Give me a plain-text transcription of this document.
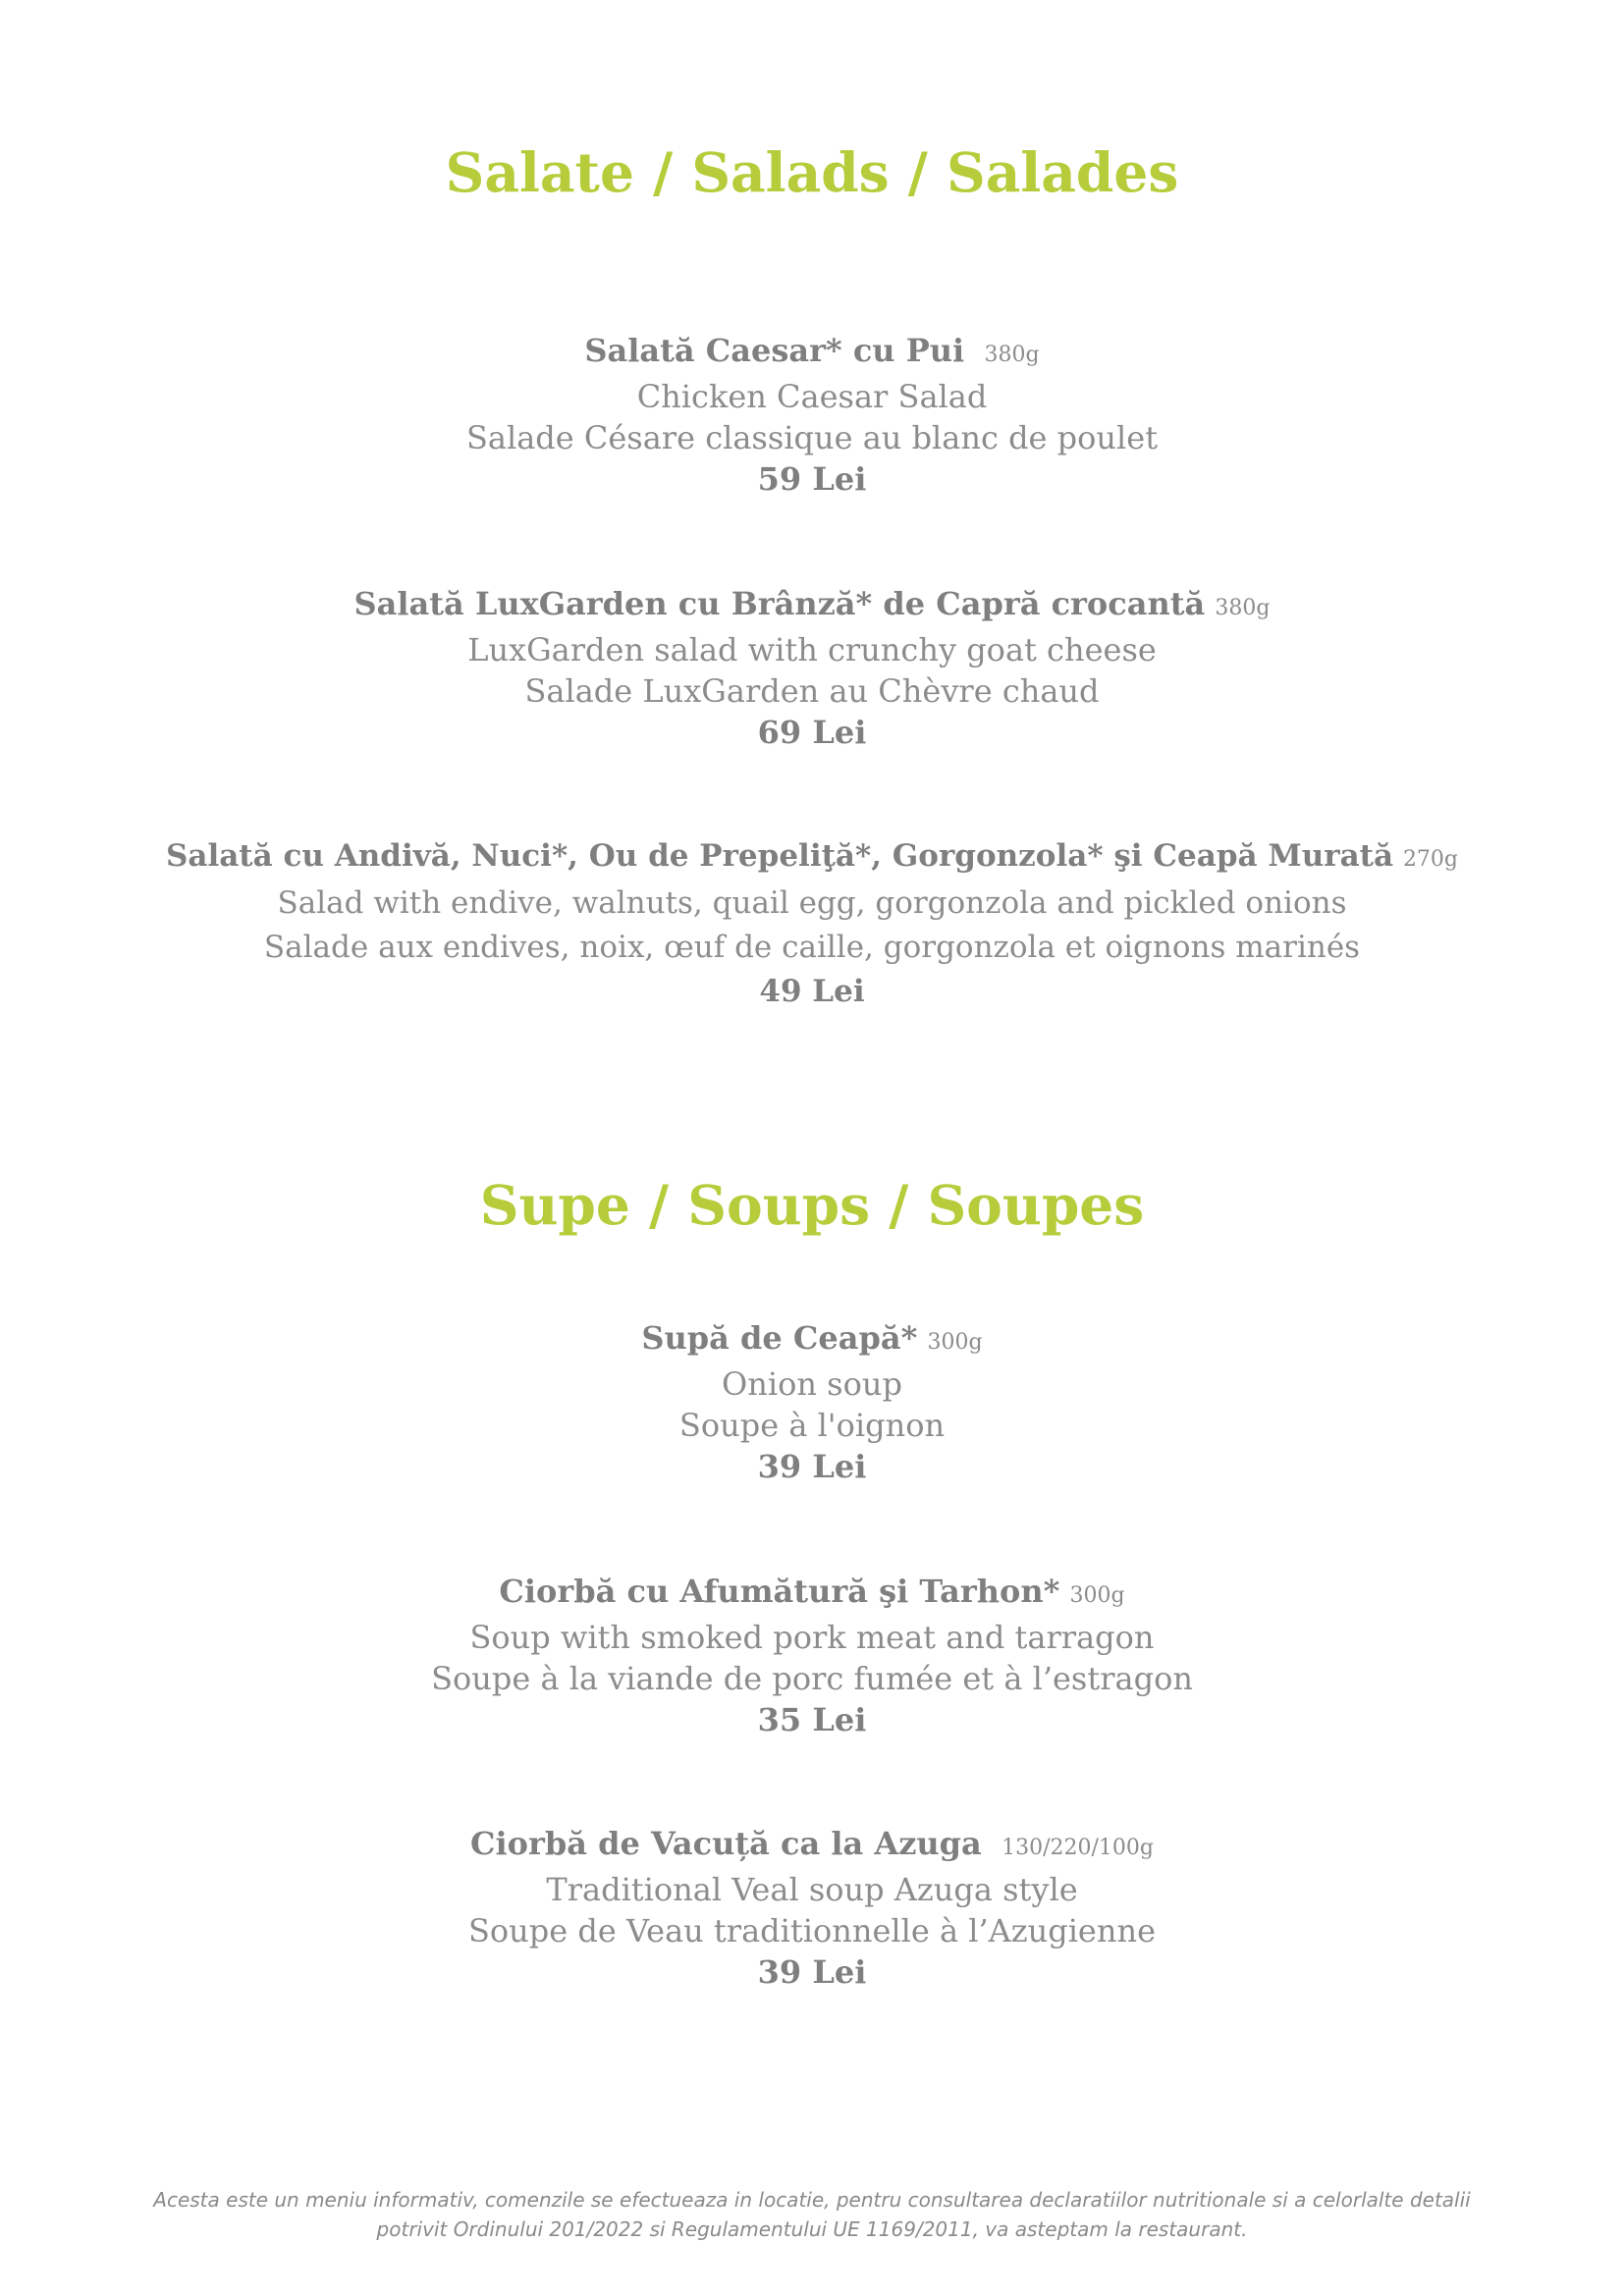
Salate / Salads / Salades
Salată Caesar* cu Pui 380g
Chicken Caesar Salad
Salade Césare classique au blanc de poulet
59 Lei
Salată LuxGarden cu Brânză* de Capră crocantă 380g
LuxGarden salad with crunchy goat cheese
Salade LuxGarden au Chèvre chaud
69 Lei
Salată cu Andivă, Nuci*, Ou de Prepeliţă*, Gorgonzola* şi Ceapă Murată 270g
Salad with endive, walnuts, quail egg, gorgonzola and pickled onions
Salade aux endives, noix, œuf de caille, gorgonzola et oignons marinés
49 Lei
Supe / Soups / Soupes
Supă de Ceapă* 300g
Onion soup
Soupe à l'oignon
39 Lei
Ciorbă cu Afumătură şi Tarhon* 300g
Soup with smoked pork meat and tarragon
Soupe à la viande de porc fumée et à l’estragon
35 Lei
Ciorbă de Vacuță ca la Azuga 130/220/100g
Traditional Veal soup Azuga style
Soupe de Veau traditionnelle à l’Azugienne
39 Lei
Acesta este un meniu informativ, comenzile se efectueaza in locatie, pentru consultarea declaratiilor nutritionale si a celorlalte detalii
potrivit Ordinului 201/2022 si Regulamentului UE 1169/2011, va asteptam la restaurant.
